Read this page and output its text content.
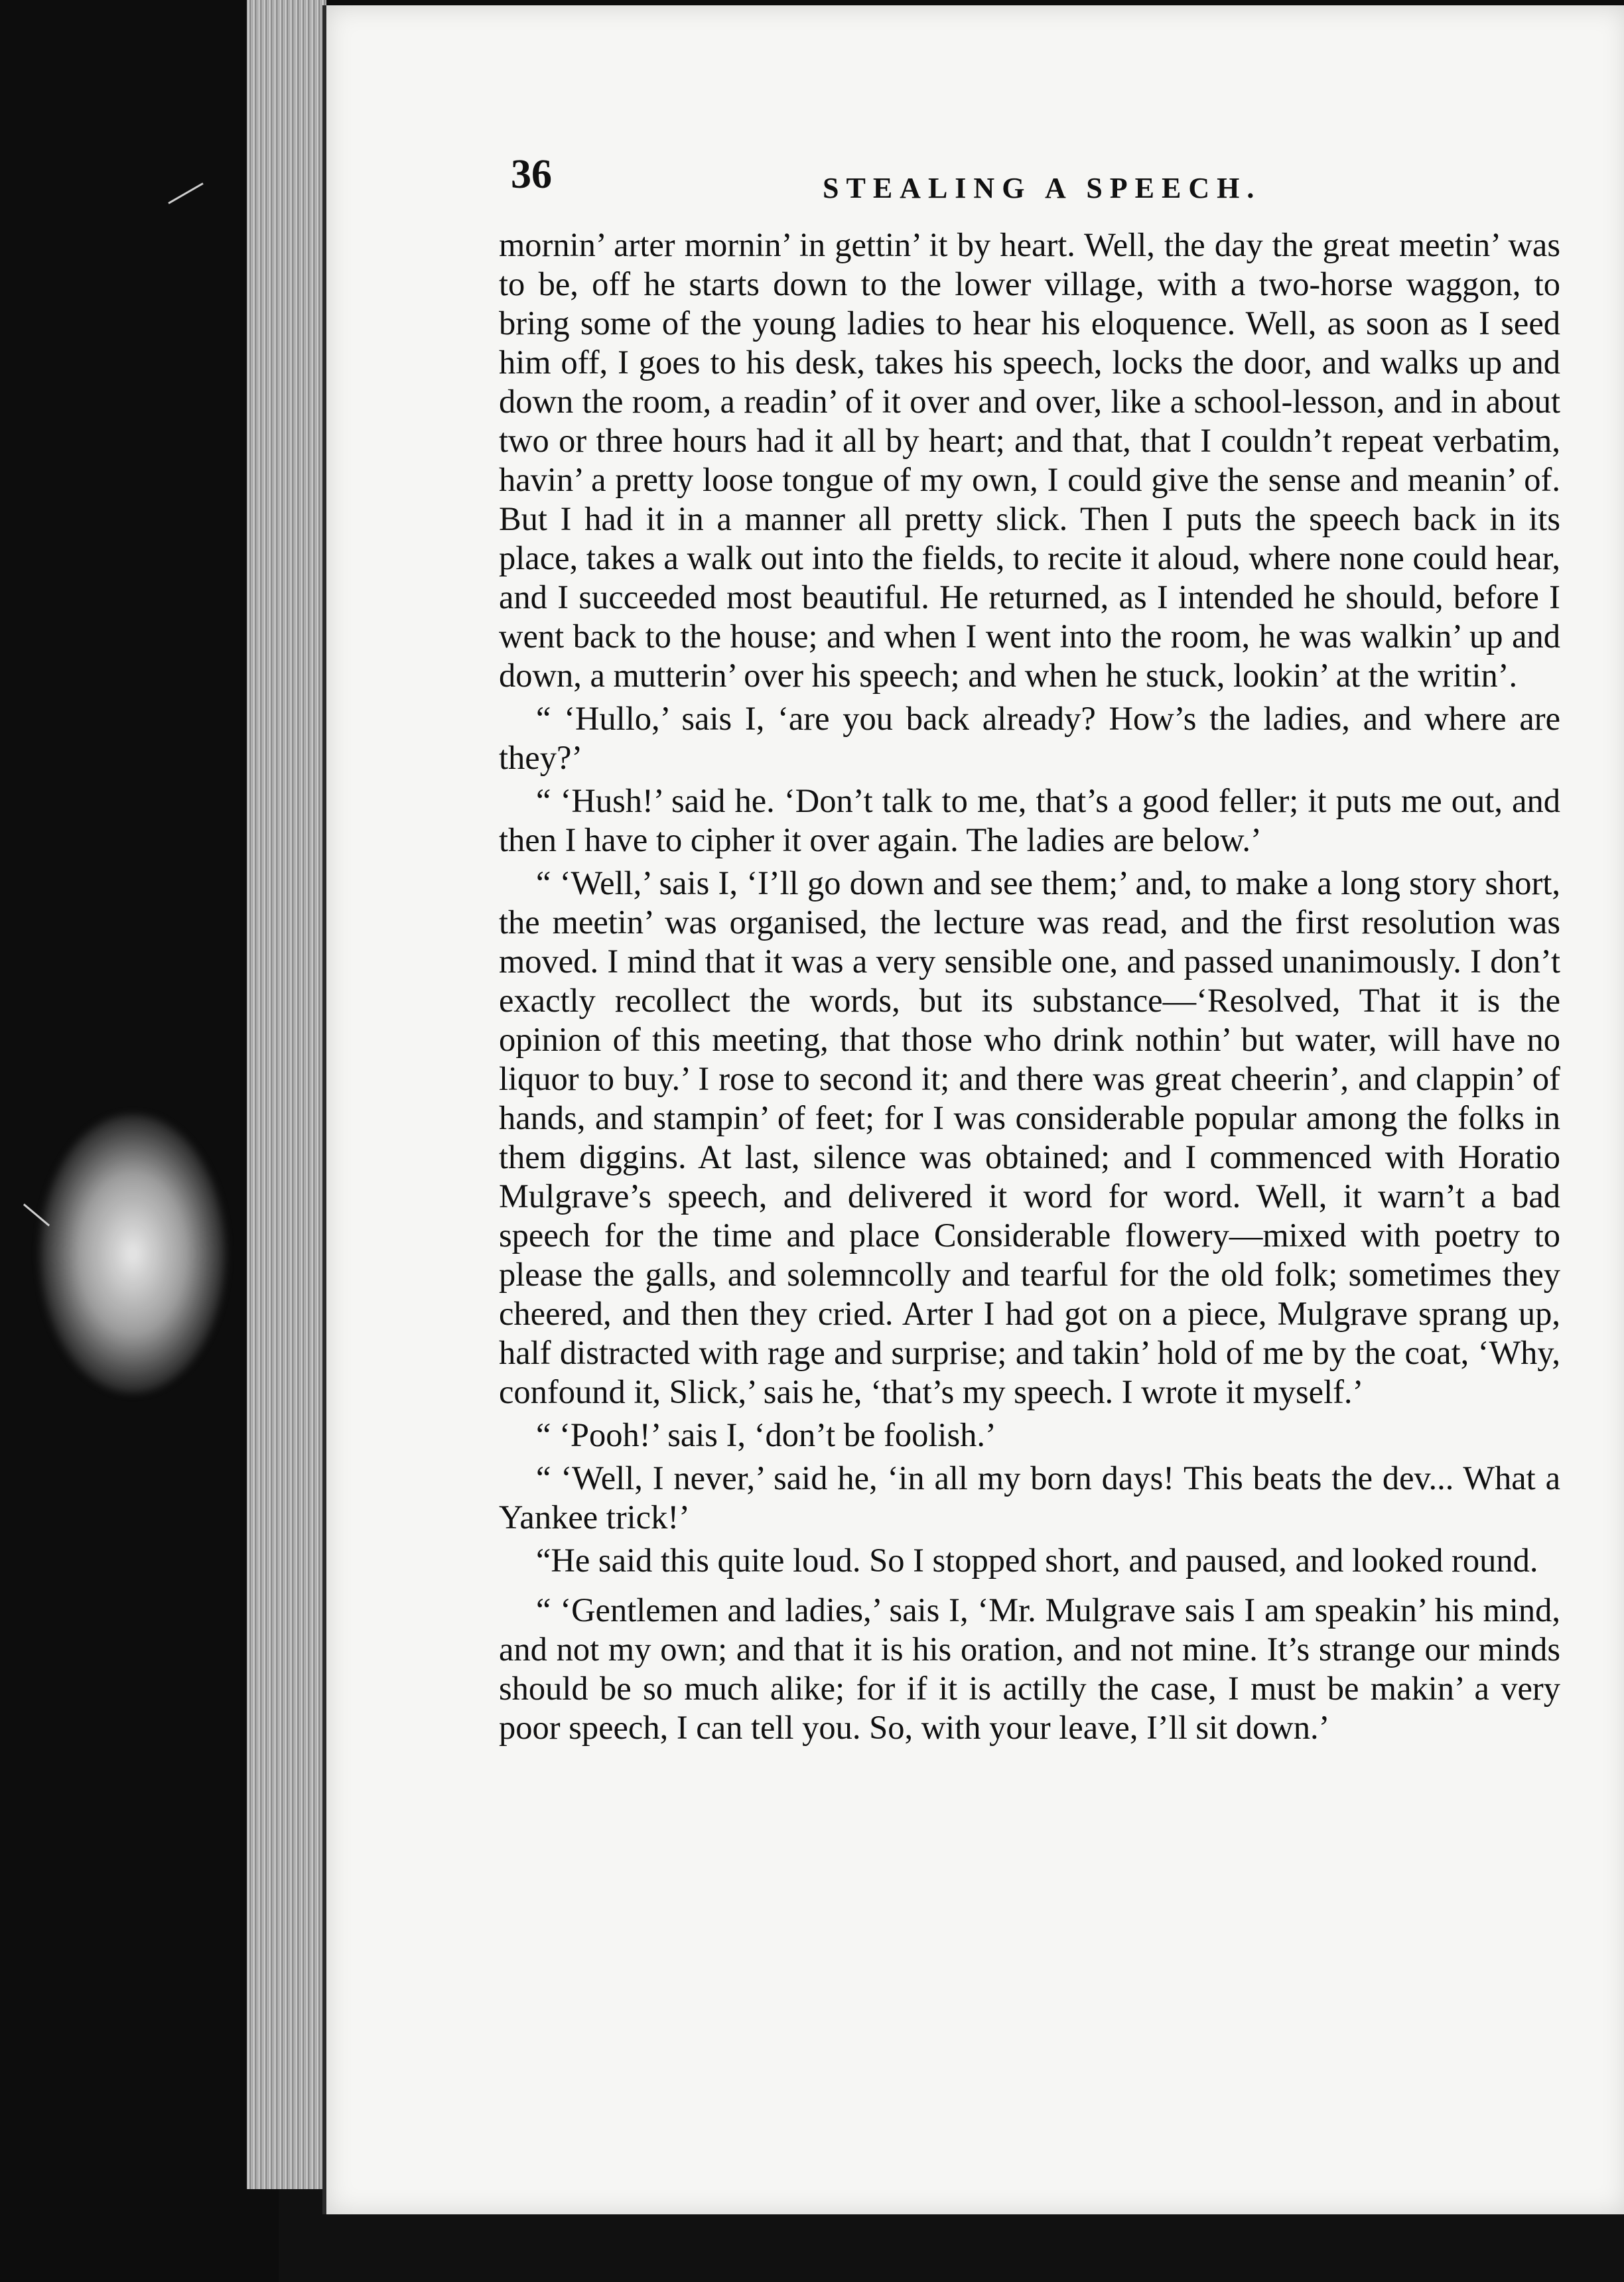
36	STEALING A SPEECH.

mornin’ arter mornin’ in gettin’ it by heart. Well, the day the great meetin’ was to be, off he starts down to the lower village, with a two-horse waggon, to bring some of the young ladies to hear his eloquence. Well, as soon as I seed him off, I goes to his desk, takes his speech, locks the door, and walks up and down the room, a readin’ of it over and over, like a school-lesson, and in about two or three hours had it all by heart; and that, that I couldn’t repeat verbatim, havin’ a pretty loose tongue of my own, I could give the sense and meanin’ of. But I had it in a manner all pretty slick. Then I puts the speech back in its place, takes a walk out into the fields, to recite it aloud, where none could hear, and I succeeded most beautiful. He returned, as I intended he should, before I went back to the house; and when I went into the room, he was walkin’ up and down, a mutterin’ over his speech; and when he stuck, lookin’ at the writin’.

“ ‘Hullo,’ sais I, ‘are you back already? How’s the ladies, and where are they?’

“ ‘Hush!’ said he. ‘Don’t talk to me, that’s a good feller; it puts me out, and then I have to cipher it over again. The ladies are below.’

“ ‘Well,’ sais I, ‘I’ll go down and see them;’ and, to make a long story short, the meetin’ was organised, the lecture was read, and the first resolution was moved. I mind that it was a very sensible one, and passed unanimously. I don’t exactly recollect the words, but its substance—‘Resolved, That it is the opinion of this meeting, that those who drink nothin’ but water, will have no liquor to buy.’ I rose to second it; and there was great cheerin’, and clappin’ of hands, and stampin’ of feet; for I was considerable popular among the folks in them diggins. At last, silence was obtained; and I commenced with Horatio Mulgrave’s speech, and delivered it word for word. Well, it warn’t a bad speech for the time and place Considerable flowery—mixed with poetry to please the galls, and solemncolly and tearful for the old folk; sometimes they cheered, and then they cried. Arter I had got on a piece, Mulgrave sprang up, half distracted with rage and surprise; and takin’ hold of me by the coat, ‘Why, confound it, Slick,’ sais he, ‘that’s my speech. I wrote it myself.’

“ ‘Pooh!’ sais I, ‘don’t be foolish.’

“ ‘Well, I never,’ said he, ‘in all my born days! This beats the dev... What a Yankee trick!’

“He said this quite loud. So I stopped short, and paused, and looked round.

“ ‘Gentlemen and ladies,’ sais I, ‘Mr. Mulgrave sais I am speakin’ his mind, and not my own; and that it is his oration, and not mine. It’s strange our minds should be so much alike; for if it is actilly the case, I must be makin’ a very poor speech, I can tell you. So, with your leave, I’ll sit down.’
